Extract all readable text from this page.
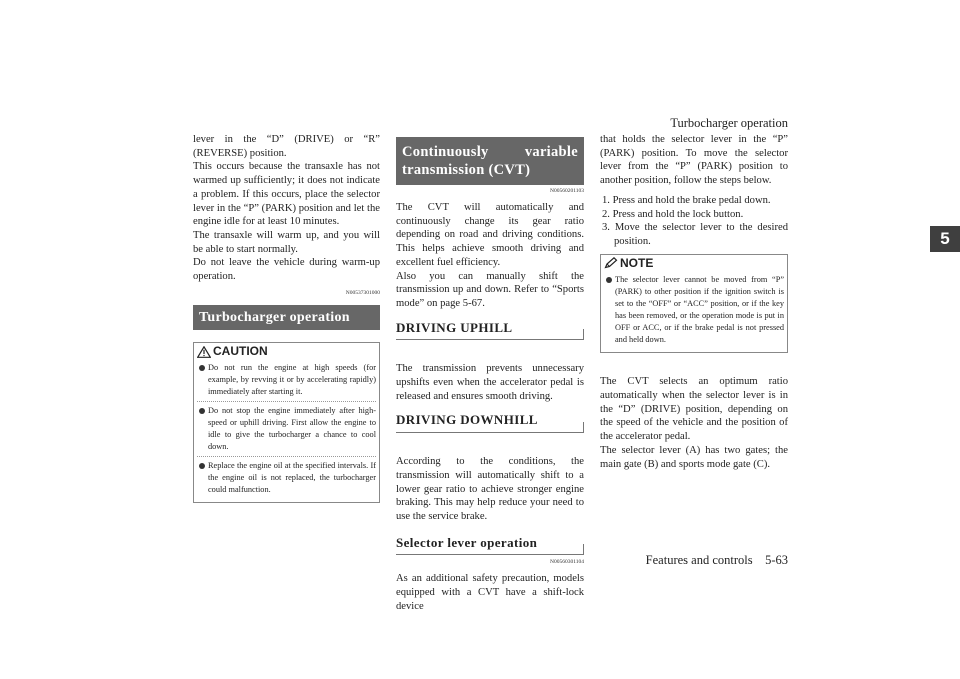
Turbocharger operation
Features and controls    5-63
5

lever in the “D” (DRIVE) or “R” (REVERSE) position.

This occurs because the transaxle has not warmed up sufficiently; it does not indicate a problem. If this occurs, place the selector lever in the “P” (PARK) position and let the engine idle for at least 10 minutes.

The transaxle will warm up, and you will be able to start normally.

Do not leave the vehicle during warm-up operation.

N00537301000
Turbocharger operation
CAUTION
Do not run the engine at high speeds (for example, by revving it or by accelerating rapidly) immediately after starting it.
Do not stop the engine immediately after high-speed or uphill driving. First allow the engine to idle to give the turbocharger a chance to cool down.
Replace the engine oil at the specified intervals. If the engine oil is not replaced, the turbocharger could malfunction.
Continuously variable transmission (CVT)
N00560201103

The CVT will automatically and continuously change its gear ratio depending on road and driving conditions. This helps achieve smooth driving and excellent fuel efficiency.

Also you can manually shift the transmission up and down. Refer to “Sports mode” on page 5-67.

DRIVING UPHILL

The transmission prevents unnecessary upshifts even when the accelerator pedal is released and ensures smooth driving.

DRIVING DOWNHILL

According to the conditions, the transmission will automatically shift to a lower gear ratio to achieve stronger engine braking. This may help reduce your need to use the service brake.

Selector lever operation
N00560301104

As an additional safety precaution, models equipped with a CVT have a shift-lock device

that holds the selector lever in the “P” (PARK) position. To move the selector lever from the “P” (PARK) position to another position, follow the steps below.

1. Press and hold the brake pedal down.
2. Press and hold the lock button.
3. Move the selector lever to the desired position.
NOTE
The selector lever cannot be moved from “P” (PARK) to other position if the ignition switch is set to the “OFF” or “ACC” position, or if the key has been removed, or the operation mode is put in OFF or ACC, or if the brake pedal is not pressed and held down.

The CVT selects an optimum ratio automatically when the selector lever is in the “D” (DRIVE) position, depending on the speed of the vehicle and the position of the accelerator pedal.

The selector lever (A) has two gates; the main gate (B) and sports mode gate (C).
